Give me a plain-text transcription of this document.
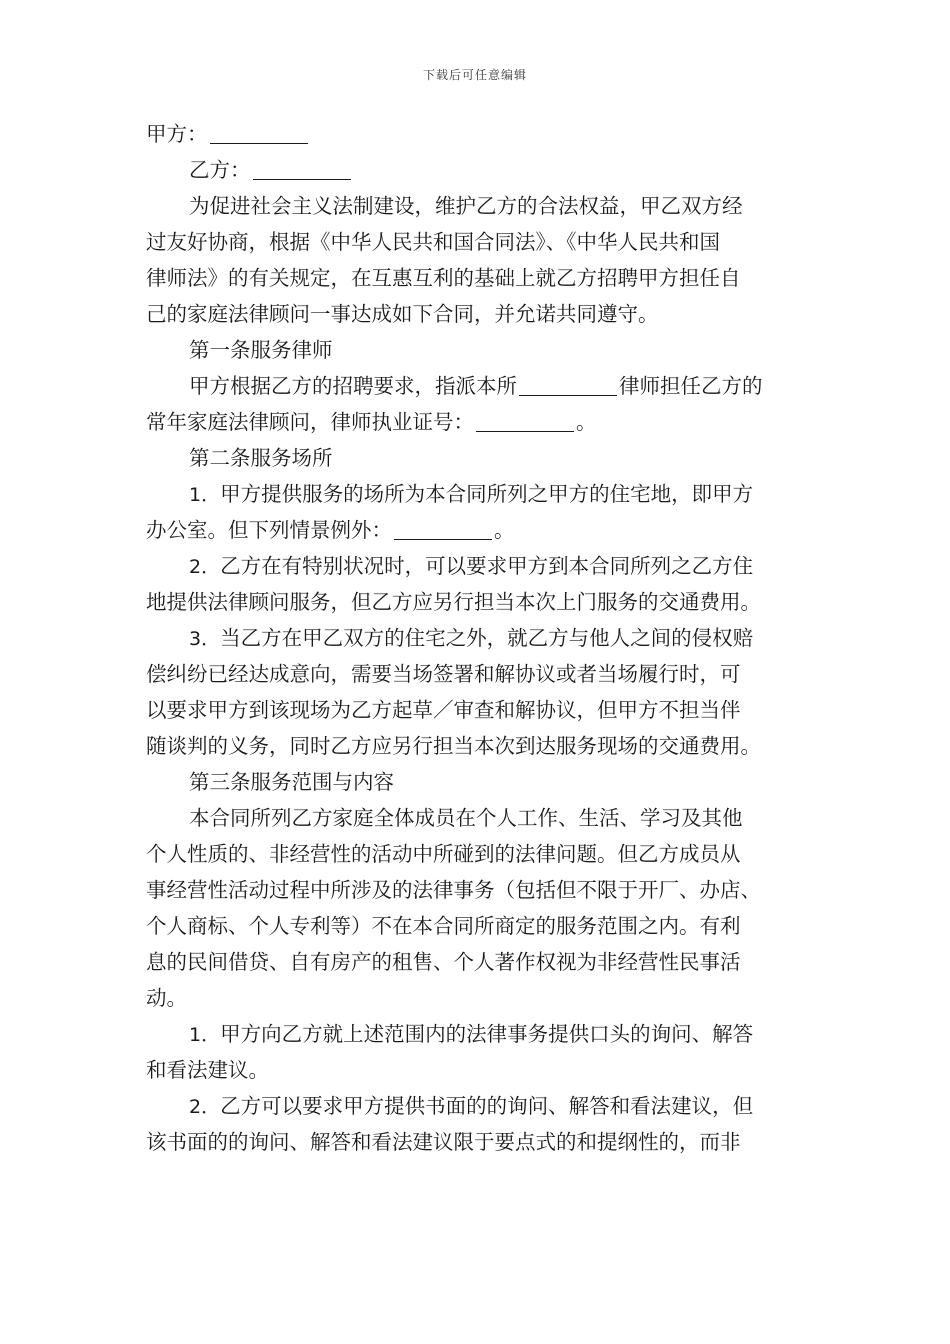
下载后可任意编辑
甲方：
乙方：
为促进社会主义法制建设，维护乙方的合法权益，甲乙双方经
过友好协商，根据《中华人民共和国合同法》、《中华人民共和国
律师法》的有关规定，在互惠互利的基础上就乙方招聘甲方担任自
己的家庭法律顾问一事达成如下合同，并允诺共同遵守。
第一条服务律师
甲方根据乙方的招聘要求，指派本所	律师担任乙方的
常年家庭法律顾问，律师执业证号：	。
第二条服务场所
1．甲方提供服务的场所为本合同所列之甲方的住宅地，即甲方
办公室。但下列情景例外：	。
2．乙方在有特别状况时，可以要求甲方到本合同所列之乙方住
地提供法律顾问服务，但乙方应另行担当本次上门服务的交通费用。
3．当乙方在甲乙双方的住宅之外，就乙方与他人之间的侵权赔
偿纠纷已经达成意向，需要当场签署和解协议或者当场履行时，可
以要求甲方到该现场为乙方起草／审查和解协议，但甲方不担当伴
随谈判的义务，同时乙方应另行担当本次到达服务现场的交通费用。
第三条服务范围与内容
本合同所列乙方家庭全体成员在个人工作、生活、学习及其他
个人性质的、非经营性的活动中所碰到的法律问题。但乙方成员从
事经营性活动过程中所涉及的法律事务（包括但不限于开厂、办店、
个人商标、个人专利等）不在本合同所商定的服务范围之内。有利
息的民间借贷、自有房产的租售、个人著作权视为非经营性民事活
动。
1．甲方向乙方就上述范围内的法律事务提供口头的询问、解答
和看法建议。
2．乙方可以要求甲方提供书面的的询问、解答和看法建议，但
该书面的的询问、解答和看法建议限于要点式的和提纲性的，而非
